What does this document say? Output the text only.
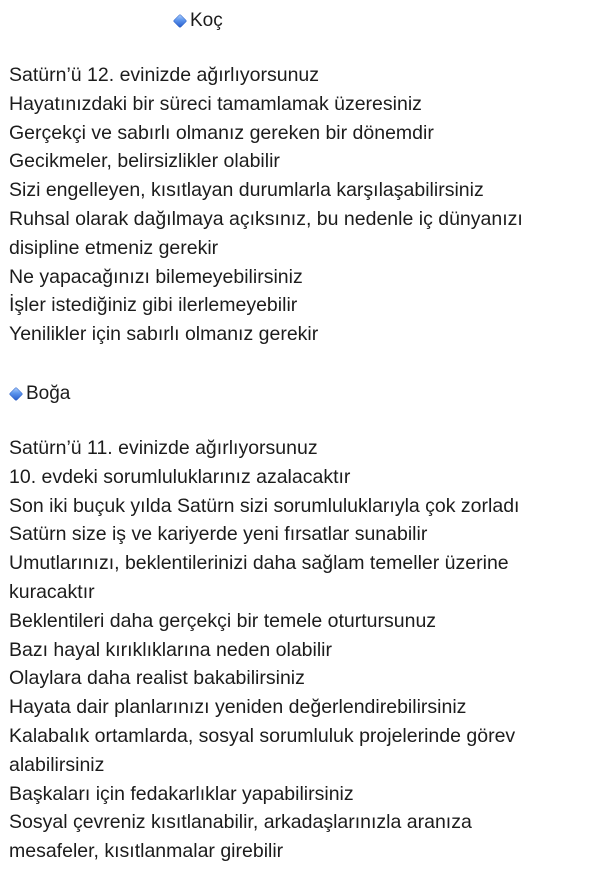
Koç
Satürn’ü 12. evinizde ağırlıyorsunuz
Hayatınızdaki bir süreci tamamlamak üzeresiniz
Gerçekçi ve sabırlı olmanız gereken bir dönemdir
Gecikmeler, belirsizlikler olabilir
Sizi engelleyen, kısıtlayan durumlarla karşılaşabilirsiniz
Ruhsal olarak dağılmaya açıksınız, bu nedenle iç dünyanızı
disipline etmeniz gerekir
Ne yapacağınızı bilemeyebilirsiniz
İşler istediğiniz gibi ilerlemeyebilir
Yenilikler için sabırlı olmanız gerekir
Boğa
Satürn’ü 11. evinizde ağırlıyorsunuz
10. evdeki sorumluluklarınız azalacaktır
Son iki buçuk yılda Satürn sizi sorumluluklarıyla çok zorladı
Satürn size iş ve kariyerde yeni fırsatlar sunabilir
Umutlarınızı, beklentilerinizi daha sağlam temeller üzerine
kuracaktır
Beklentileri daha gerçekçi bir temele oturtursunuz
Bazı hayal kırıklıklarına neden olabilir
Olaylara daha realist bakabilirsiniz
Hayata dair planlarınızı yeniden değerlendirebilirsiniz
Kalabalık ortamlarda, sosyal sorumluluk projelerinde görev
alabilirsiniz
Başkaları için fedakarlıklar yapabilirsiniz
Sosyal çevreniz kısıtlanabilir, arkadaşlarınızla aranıza
mesafeler, kısıtlanmalar girebilir
